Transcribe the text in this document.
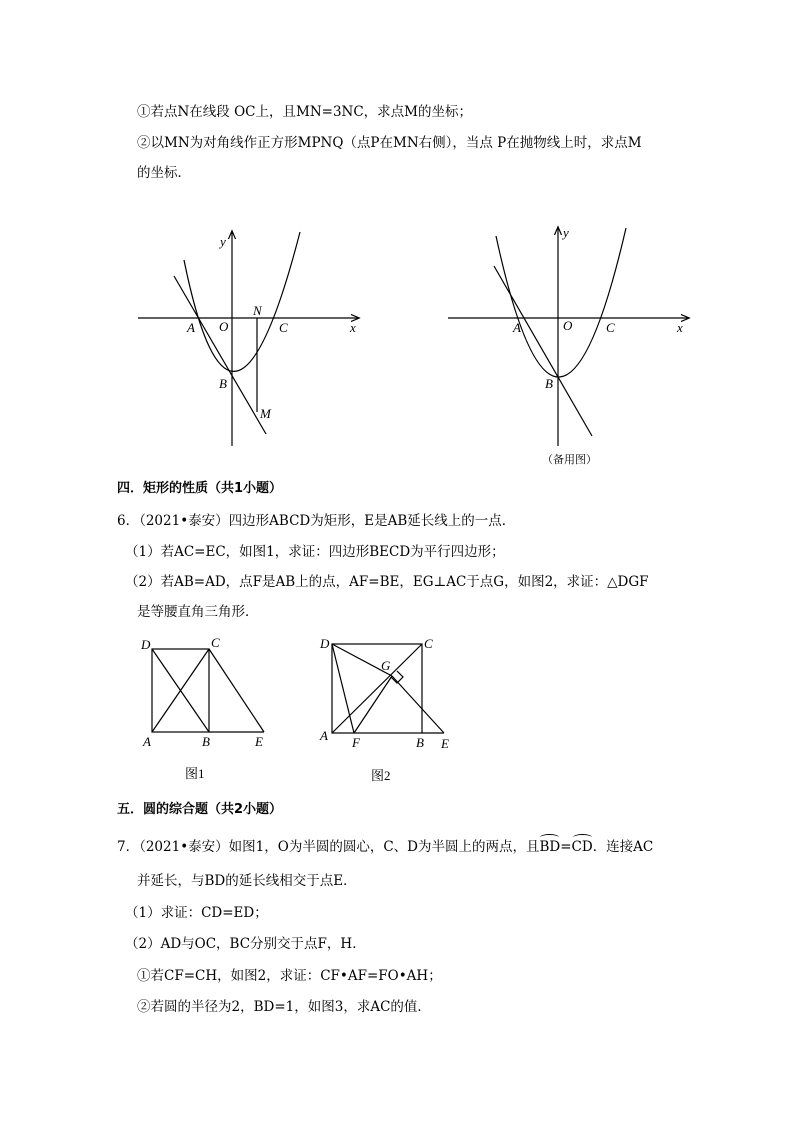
①若点N在线段 OC上，且MN=3NC，求点M的坐标；
②以MN为对角线作正方形MPNQ（点P在MN右侧），当点 P在抛物线上时，求点M
的坐标．
y
x
A O
N
C
B
M
y
x
A	O	C
B
（备用图）
D	C
A	B	E
图1
D	C
G
A F	B E
图2
四．矩形的性质（共1小题）
6．（2021•泰安）四边形ABCD为矩形，E是AB延长线上的一点．
（1）若AC=EC，如图1，求证：四边形BECD为平行四边形；
（2）若AB=AD，点F是AB上的点，AF=BE，EG⊥AC于点G，如图2，求证：△DGF
是等腰直角三角形．
五．圆的综合题（共2小题）
7．（2021•泰安）如图1，O为半圆的圆心，C、D为半圆上的两点，且BD=CD．连接AC
并延长，与BD的延长线相交于点E．
（1）求证：CD=ED；
（2）AD与OC，BC分别交于点F，H．
①若CF=CH，如图2，求证：CF•AF=FO•AH；
②若圆的半径为2，BD=1，如图3，求AC的值．
